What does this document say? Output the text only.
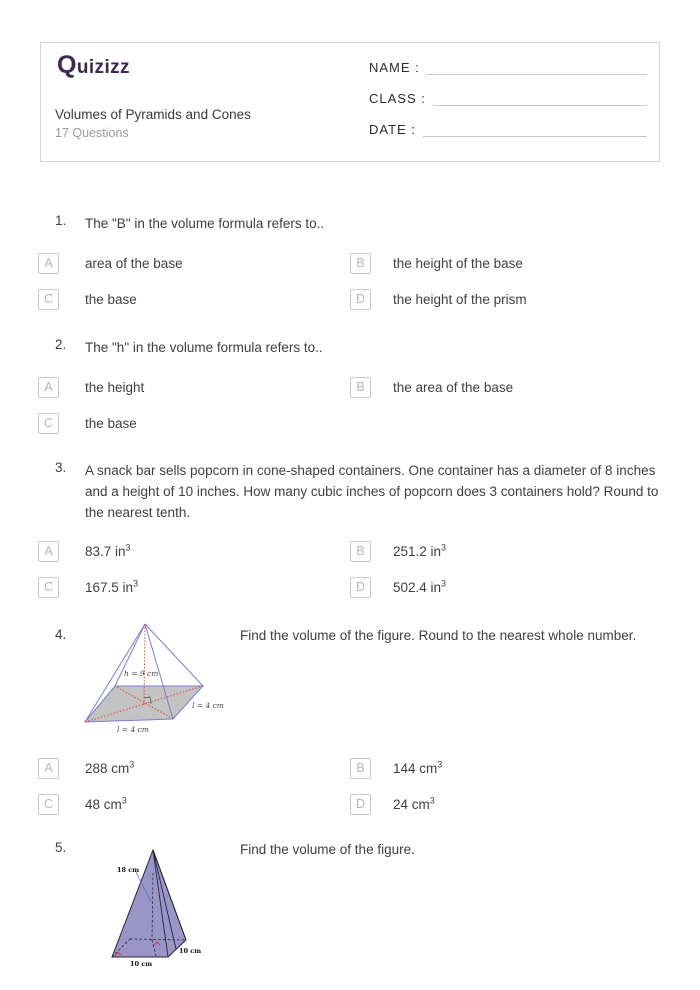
Quizizz
Volumes of Pyramids and Cones
17 Questions
NAME :
CLASS :
DATE :
1.	The "B" in the volume formula refers to..
A	area of the base	B	the height of the base
C	the base	D	the height of the prism
2.	The "h" in the volume formula refers to..
A	the height	B	the area of the base
C	the base
3.	A snack bar sells popcorn in cone-shaped containers. One container has a diameter of 8 inches and a height of 10 inches. How many cubic inches of popcorn does 3 containers hold? Round to the nearest tenth.
A	83.7 $in^3$	B	251.2 $in^3$
C	167.5 $in^3$	D	502.4 $in^3$
4.	Find the volume of the figure. Round to the nearest whole number.
h = 9 cm
l = 4 cm
l = 4 cm
A	288 $cm^3$	B	144 $cm^3$
C	48 $cm^3$	D	24 $cm^3$
5.	Find the volume of the figure.
18 cm
10 cm
10 cm
